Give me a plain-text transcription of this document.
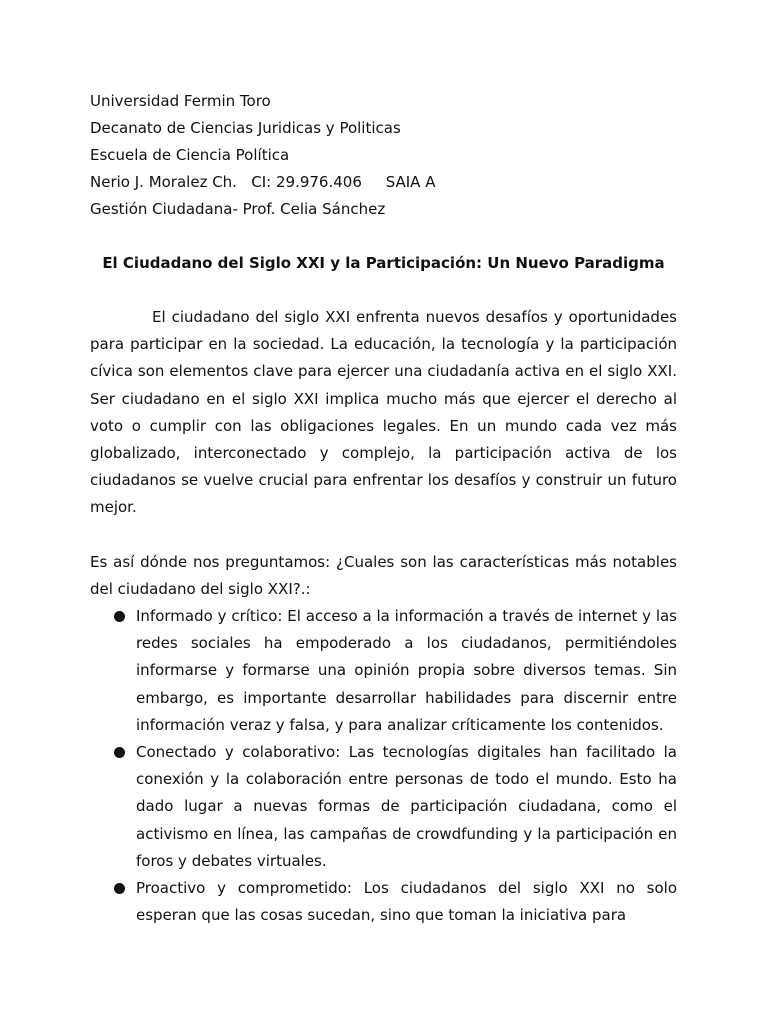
Universidad Fermin Toro
Decanato de Ciencias Juridicas y Politicas
Escuela de Ciencia Política
Nerio J. Moralez Ch.   CI: 29.976.406     SAIA A
Gestión Ciudadana- Prof. Celia Sánchez
El Ciudadano del Siglo XXI y la Participación: Un Nuevo Paradigma

El ciudadano del siglo XXI enfrenta nuevos desafíos y oportunidades para participar en la sociedad. La educación, la tecnología y la participación cívica son elementos clave para ejercer una ciudadanía activa en el siglo XXI. Ser ciudadano en el siglo XXI implica mucho más que ejercer el derecho al voto o cumplir con las obligaciones legales. En un mundo cada vez más globalizado, interconectado y complejo, la participación activa de los ciudadanos se vuelve crucial para enfrentar los desafíos y construir un futuro mejor.

Es así dónde nos preguntamos: ¿Cuales son las características más notables del ciudadano del siglo XXI?.:

Informado y crítico: El acceso a la información a través de internet y las redes sociales ha empoderado a los ciudadanos, permitiéndoles informarse y formarse una opinión propia sobre diversos temas. Sin embargo, es importante desarrollar habilidades para discernir entre información veraz y falsa, y para analizar críticamente los contenidos.
Conectado y colaborativo: Las tecnologías digitales han facilitado la conexión y la colaboración entre personas de todo el mundo. Esto ha dado lugar a nuevas formas de participación ciudadana, como el activismo en línea, las campañas de crowdfunding y la participación en foros y debates virtuales.
Proactivo y comprometido: Los ciudadanos del siglo XXI no solo esperan que las cosas sucedan, sino que toman la iniciativa para
